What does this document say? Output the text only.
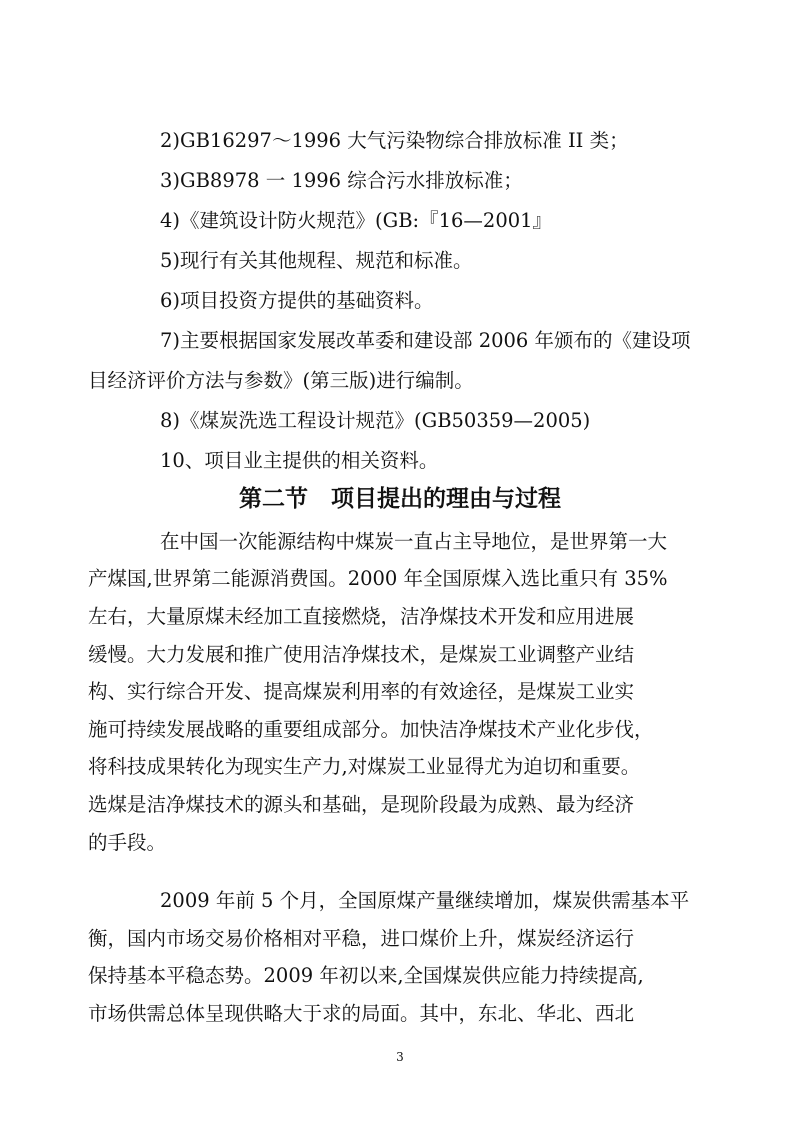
2)GB16297～1996 大气污染物综合排放标准 II 类；
3)GB8978 一 1996 综合污水排放标准；
4)《建筑设计防火规范》(GB:『16—2001』
5)现行有关其他规程、规范和标准。
6)项目投资方提供的基础资料。
7)主要根据国家发展改革委和建设部 2006 年颁布的《建设项
目经济评价方法与参数》(第三版)进行编制。
8)《煤炭洗选工程设计规范》(GB50359—2005)
10、项目业主提供的相关资料。
第二节　项目提出的理由与过程
在中国一次能源结构中煤炭一直占主导地位，是世界第一大
产煤国,世界第二能源消费国。2000 年全国原煤入选比重只有 35%
左右，大量原煤未经加工直接燃烧，洁净煤技术开发和应用进展
缓慢。大力发展和推广使用洁净煤技术，是煤炭工业调整产业结
构、实行综合开发、提高煤炭利用率的有效途径，是煤炭工业实
施可持续发展战略的重要组成部分。加快洁净煤技术产业化步伐，
将科技成果转化为现实生产力,对煤炭工业显得尤为迫切和重要。
选煤是洁净煤技术的源头和基础，是现阶段最为成熟、最为经济
的手段。
2009 年前 5 个月，全国原煤产量继续增加，煤炭供需基本平
衡，国内市场交易价格相对平稳，进口煤价上升，煤炭经济运行
保持基本平稳态势。2009 年初以来,全国煤炭供应能力持续提高,
市场供需总体呈现供略大于求的局面。其中，东北、华北、西北
3
